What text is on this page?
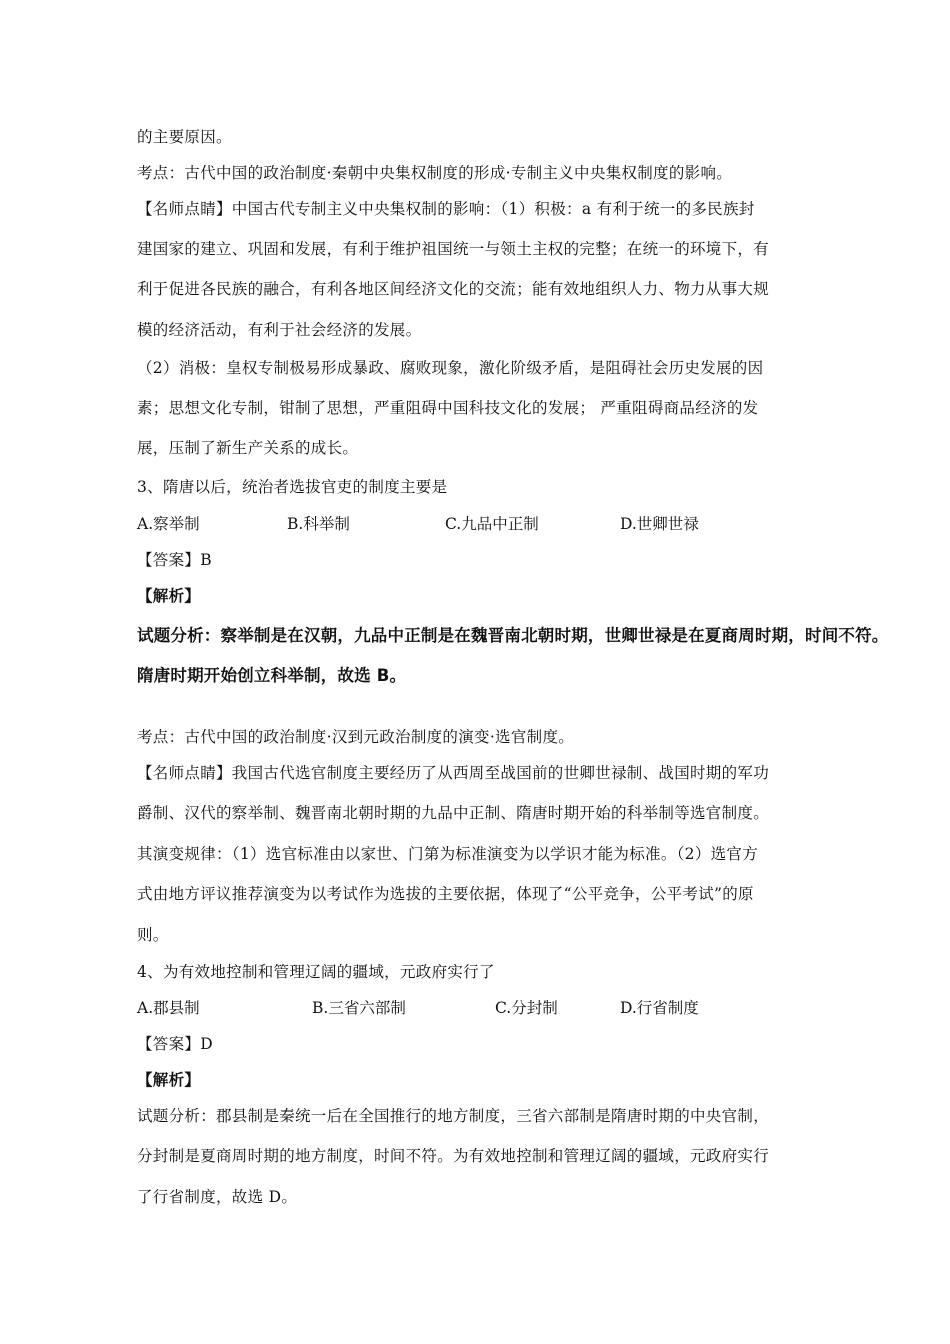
的主要原因。
考点：古代中国的政治制度·秦朝中央集权制度的形成·专制主义中央集权制度的影响。
【名师点睛】中国古代专制主义中央集权制的影响：（1）积极：a 有利于统一的多民族封
建国家的建立、巩固和发展，有利于维护祖国统一与领土主权的完整；在统一的环境下，有
利于促进各民族的融合，有利各地区间经济文化的交流；能有效地组织人力、物力从事大规
模的经济活动，有利于社会经济的发展。
（2）消极：皇权专制极易形成暴政、腐败现象，激化阶级矛盾，是阻碍社会历史发展的因
素；思想文化专制，钳制了思想，严重阻碍中国科技文化的发展； 严重阻碍商品经济的发
展，压制了新生产关系的成长。
3、隋唐以后，统治者选拔官吏的制度主要是
A.察举制	B.科举制	C.九品中正制	D.世卿世禄
【答案】B
【解析】
试题分析：察举制是在汉朝，九品中正制是在魏晋南北朝时期，世卿世禄是在夏商周时期，时间不符。
隋唐时期开始创立科举制，故选 B。
考点：古代中国的政治制度·汉到元政治制度的演变·选官制度。
【名师点睛】我国古代选官制度主要经历了从西周至战国前的世卿世禄制、战国时期的军功
爵制、汉代的察举制、魏晋南北朝时期的九品中正制、隋唐时期开始的科举制等选官制度。
其演变规律：（1）选官标准由以家世、门第为标准演变为以学识才能为标准。（2）选官方
式由地方评议推荐演变为以考试作为选拔的主要依据，体现了“公平竞争，公平考试”的原
则。
4、为有效地控制和管理辽阔的疆域，元政府实行了
A.郡县制	B.三省六部制	C.分封制	D.行省制度
【答案】D
【解析】
试题分析：郡县制是秦统一后在全国推行的地方制度，三省六部制是隋唐时期的中央官制，
分封制是夏商周时期的地方制度，时间不符。为有效地控制和管理辽阔的疆域，元政府实行
了行省制度，故选 D。
